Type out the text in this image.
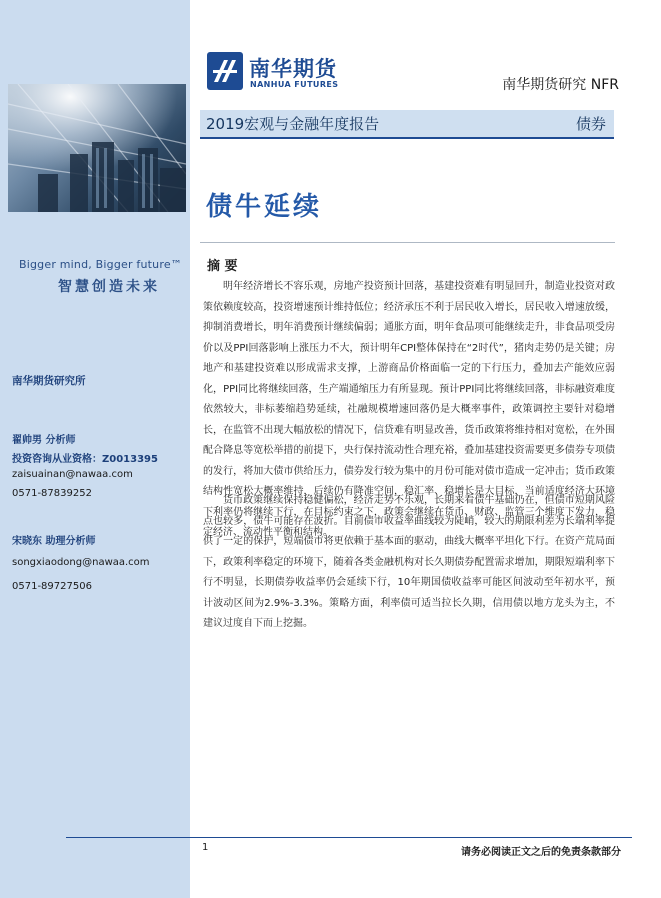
Bigger mind, Bigger future™
智慧创造未来
南华期货研究所
翟帅男 分析师
投资咨询从业资格：Z0013395
zaisuainan@nawaa.com
0571-87839252
宋晓东 助理分析师
songxiaodong@nawaa.com
0571-89727506
南华期货
NANHUA FUTURES	南华期货研究 NFR
2019宏观与金融年度报告	债券
债牛延续
摘 要

明年经济增长不容乐观，房地产投资预计回落，基建投资难有明显回升，制造业投资对政策依赖度较高，投资增速预计维持低位；经济承压不利于居民收入增长，居民收入增速放缓，抑制消费增长，明年消费预计继续偏弱；通胀方面，明年食品项可能继续走升，非食品项受房价以及PPI回落影响上涨压力不大，预计明年CPI整体保持在“2时代”，猪肉走势仍是关键；房地产和基建投资难以形成需求支撑，上游商品价格面临一定的下行压力，叠加去产能效应弱化，PPI同比将继续回落，生产端通缩压力有所显现。预计PPI同比将继续回落，非标融资难度依然较大，非标萎缩趋势延续，社融规模增速回落仍是大概率事件，政策调控主要针对稳增长，在监管不出现大幅放松的情况下，信贷难有明显改善，货币政策将维持相对宽松，在外围配合降息等宽松举措的前提下，央行保持流动性合理充裕，叠加基建投资需要更多债券专项债的发行，将加大债市供给压力，债券发行较为集中的月份可能对债市造成一定冲击；货币政策结构性宽松大概率维持，后续仍有降准空间，稳汇率、稳增长是大目标，当前适度经济大环境下利率仍将继续下行，在目标约束之下，政策会继续在货币、财政、监管三个维度下发力，稳定经济、流动性平衡和结构。

货币政策继续保持稳健偏松，经济走势不乐观，长期来看债牛基础仍在，但债市短期风险点也较多，债牛可能存在波折。目前债市收益率曲线较为陡峭，较大的期限利差为长端利率提供了一定的保护，短端债市将更依赖于基本面的驱动，曲线大概率平坦化下行。在资产荒局面下，政策利率稳定的环境下，随着各类金融机构对长久期债券配置需求增加，期限短端利率下行不明显，长期债券收益率仍会延续下行，10年期国债收益率可能区间波动至年初水平，预计波动区间为2.9%-3.3%。策略方面，利率债可适当拉长久期，信用债以地方龙头为主，不建议过度自下而上挖掘。

1	请务必阅读正文之后的免责条款部分
